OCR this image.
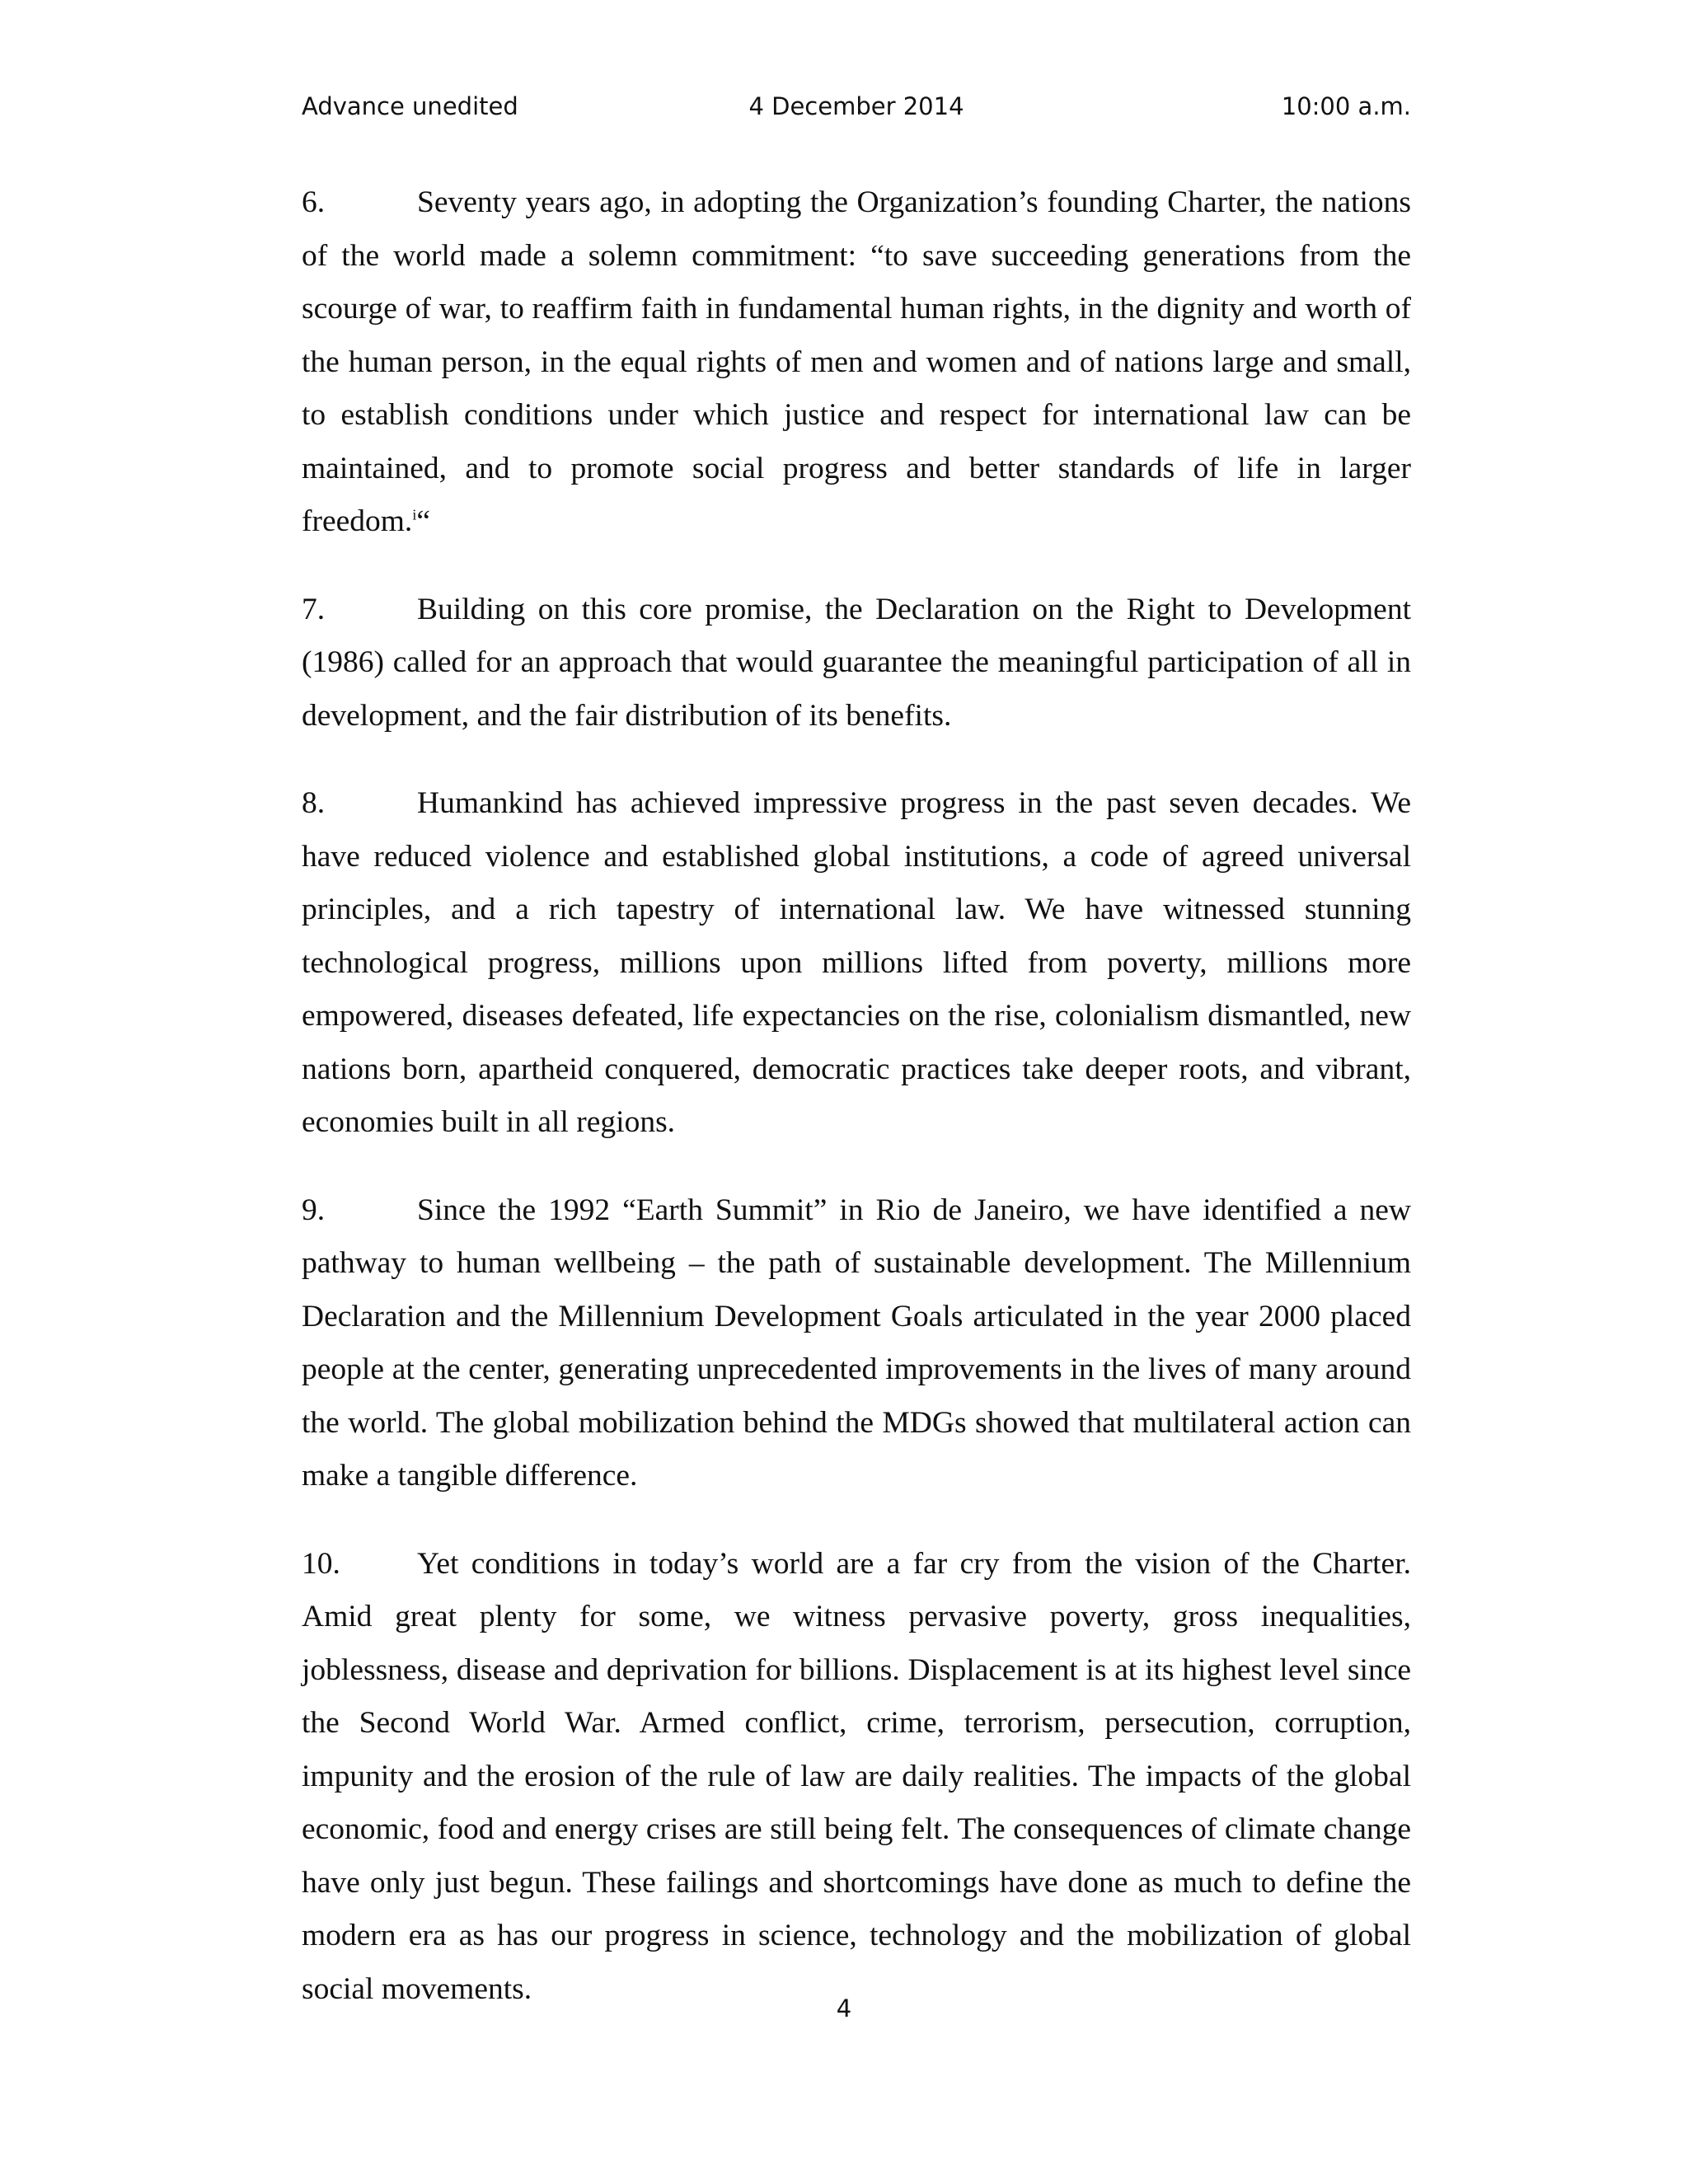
Advance unedited	4 December 2014	10:00 a.m.

6.	Seventy years ago, in adopting the Organization’s founding Charter, the nations of the world made a solemn commitment: “to save succeeding generations from the scourge of war, to reaffirm faith in fundamental human rights, in the dignity and worth of the human person, in the equal rights of men and women and of nations large and small, to establish conditions under which justice and respect for international law can be maintained, and to promote social progress and better standards of life in larger freedom.$^i$“

7.	Building on this core promise, the Declaration on the Right to Development (1986) called for an approach that would guarantee the meaningful participation of all in development, and the fair distribution of its benefits.

8.	Humankind has achieved impressive progress in the past seven decades. We have reduced violence and established global institutions, a code of agreed universal principles, and a rich tapestry of international law. We have witnessed stunning technological progress, millions upon millions lifted from poverty, millions more empowered, diseases defeated, life expectancies on the rise, colonialism dismantled, new nations born, apartheid conquered, democratic practices take deeper roots, and vibrant, economies built in all regions.

9.	Since the 1992 “Earth Summit” in Rio de Janeiro, we have identified a new pathway to human wellbeing – the path of sustainable development. The Millennium Declaration and the Millennium Development Goals articulated in the year 2000 placed people at the center, generating unprecedented improvements in the lives of many around the world. The global mobilization behind the MDGs showed that multilateral action can make a tangible difference.

10. Yet conditions in today’s world are a far cry from the vision of the Charter. Amid great plenty for some, we witness pervasive poverty, gross inequalities, joblessness, disease and deprivation for billions. Displacement is at its highest level since the Second World War. Armed conflict, crime, terrorism, persecution, corruption, impunity and the erosion of the rule of law are daily realities. The impacts of the global economic, food and energy crises are still being felt. The consequences of climate change have only just begun. These failings and shortcomings have done as much to define the modern era as has our progress in science, technology and the mobilization of global social movements.

4
